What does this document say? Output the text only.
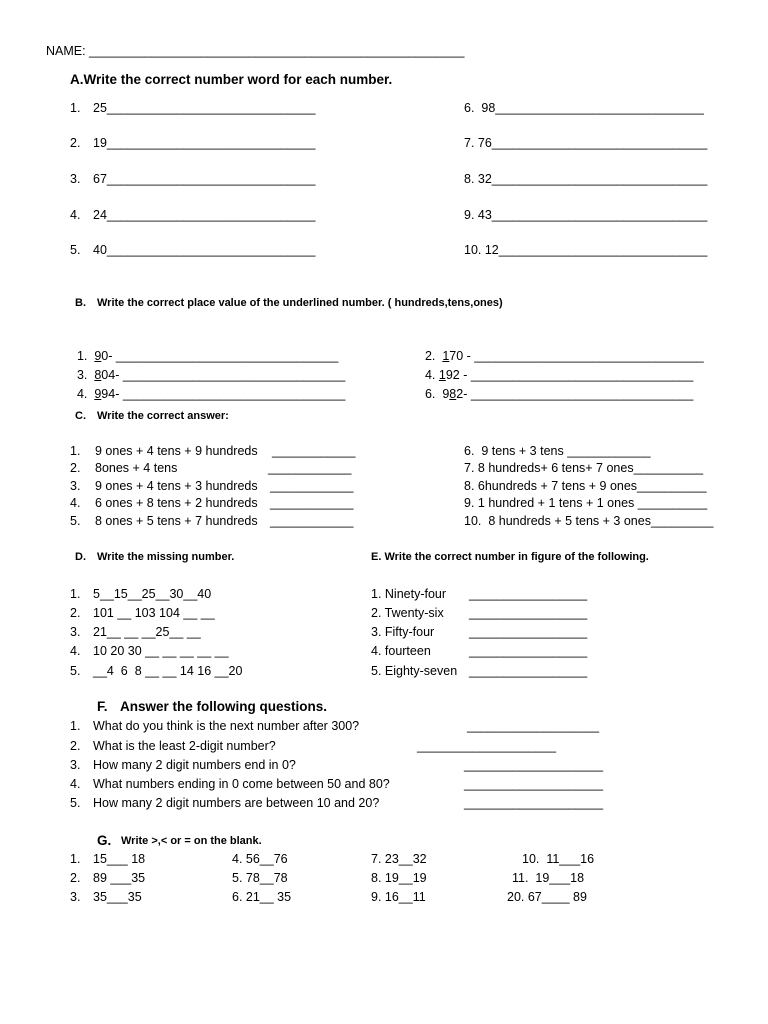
NAME: ______________________________________________________
A.Write the correct number word for each number.
1. 25______________________________
2. 19______________________________
3. 67______________________________
4. 24______________________________
5. 40______________________________
6.  98______________________________
7. 76_______________________________
8. 32_______________________________
9. 43_______________________________
10. 12______________________________
B. Write the correct place value of the underlined number. ( hundreds,tens,ones)

1. 90- ________________________________

3. 804- ________________________________

4. 994- ________________________________

2. 170 - _________________________________

4. 192 - ________________________________

6. 982- ________________________________

C. Write the correct answer:
1. 9 ones + 4 tens + 9 hundreds ____________
2. 8ones + 4 tens	____________
3. 9 ones + 4 tens + 3 hundreds ____________
4. 6 ones + 8 tens + 2 hundreds ____________
5. 8 ones + 5 tens + 7 hundreds ____________
6.  9 tens + 3 tens ____________
7. 8 hundreds+ 6 tens+ 7 ones__________
8. 6hundreds + 7 tens + 9 ones__________
9. 1 hundred + 1 tens + 1 ones __________
10.  8 hundreds + 5 tens + 3 ones_________
D. Write the missing number.
1. 5__15__25__30__40
2. 101 __ 103 104 __ __
3. 21__ __ __25__ __
4. 10 20 30 __ __ __ __ __
5. __4  6  8 __ __ 14 16 __20
E. Write the correct number in figure of the following.
1. Ninety-four _________________
2. Twenty-six _________________
3. Fifty-four	_________________
4. fourteen	_________________
5. Eighty-seven _________________
F. Answer the following questions.
1. What do you think is the next number after 300?	___________________
2. What is the least 2-digit number?	____________________
3. How many 2 digit numbers end in 0?	____________________
4. What numbers ending in 0 come between 50 and 80?	____________________
5. How many 2 digit numbers are between 10 and 20?	____________________
G. Write >,< or = on the blank.
1. 15___ 18
2. 89 ___35
3. 35___35
4. 56__76
5. 78__78
6. 21__ 35
7. 23__32
8. 19__19
9. 16__11
10.  11___16
11.  19___18
20. 67____ 89
